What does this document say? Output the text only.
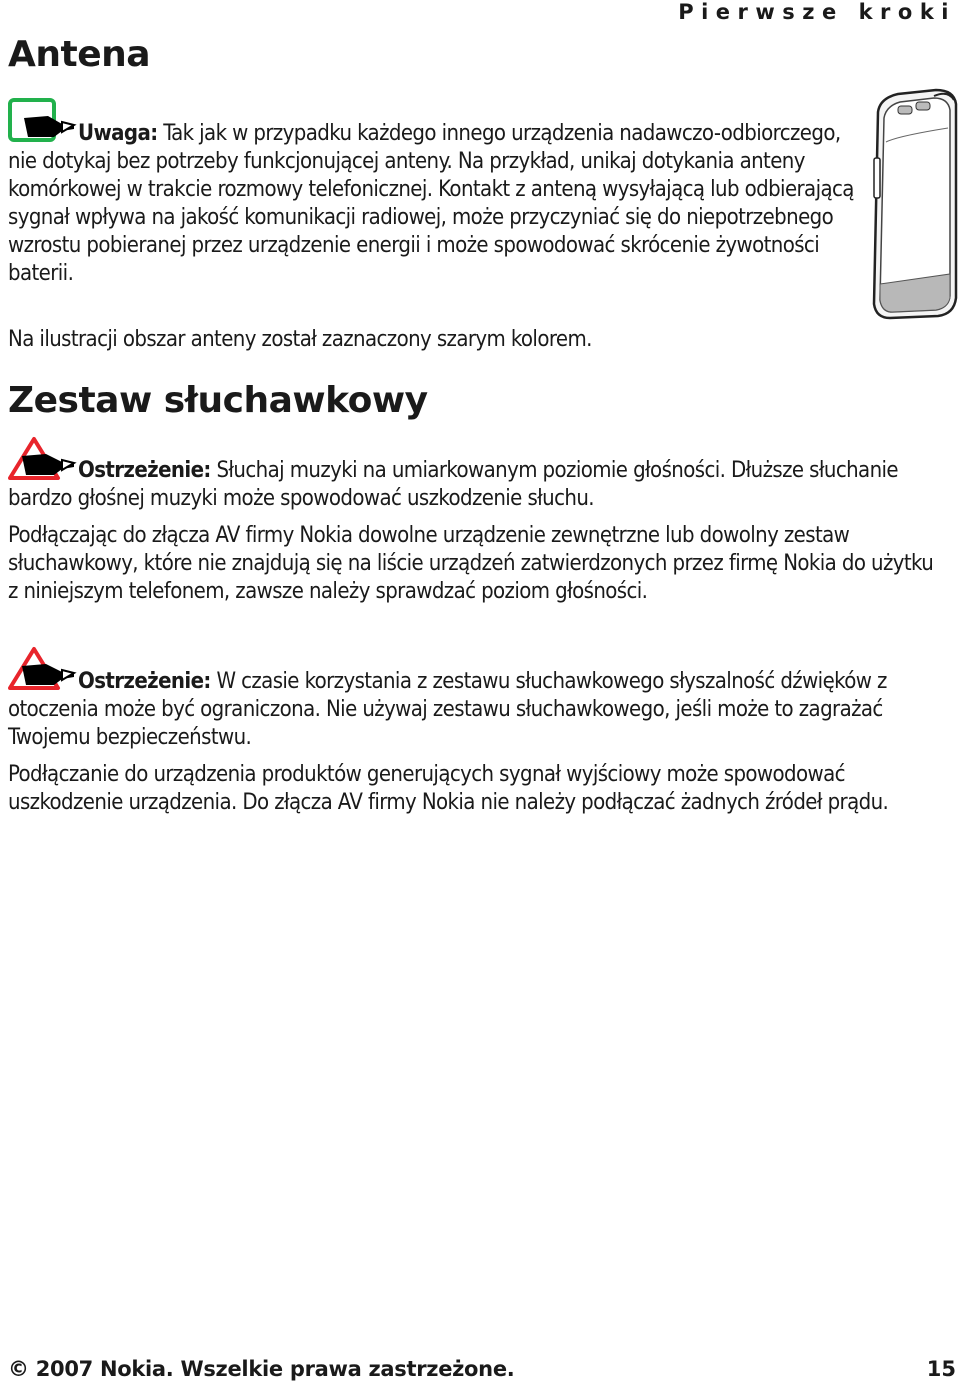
Pierwsze kroki
Antena

Uwaga: Tak jak w przypadku każdego innego urządzenia nadawczo-odbiorczego, nie dotykaj bez potrzeby funkcjonującej anteny. Na przykład, unikaj dotykania anteny komórkowej w trakcie rozmowy telefonicznej. Kontakt z anteną wysyłającą lub odbierającą sygnał wpływa na jakość komunikacji radiowej, może przyczyniać się do niepotrzebnego wzrostu pobieranej przez urządzenie energii i może spowodować skrócenie żywotności baterii.

Na ilustracji obszar anteny został zaznaczony szarym kolorem.

Zestaw słuchawkowy

Ostrzeżenie: Słuchaj muzyki na umiarkowanym poziomie głośności. Dłuższe słuchanie bardzo głośnej muzyki może spowodować uszkodzenie słuchu.

Podłączając do złącza AV firmy Nokia dowolne urządzenie zewnętrzne lub dowolny zestaw słuchawkowy, które nie znajdują się na liście urządzeń zatwierdzonych przez firmę Nokia do użytku z niniejszym telefonem, zawsze należy sprawdzać poziom głośności.

Ostrzeżenie: W czasie korzystania z zestawu słuchawkowego słyszalność dźwięków z otoczenia może być ograniczona. Nie używaj zestawu słuchawkowego, jeśli może to zagrażać Twojemu bezpieczeństwu.

Podłączanie do urządzenia produktów generujących sygnał wyjściowy może spowodować uszkodzenie urządzenia. Do złącza AV firmy Nokia nie należy podłączać żadnych źródeł prądu.

© 2007 Nokia. Wszelkie prawa zastrzeżone.	15
